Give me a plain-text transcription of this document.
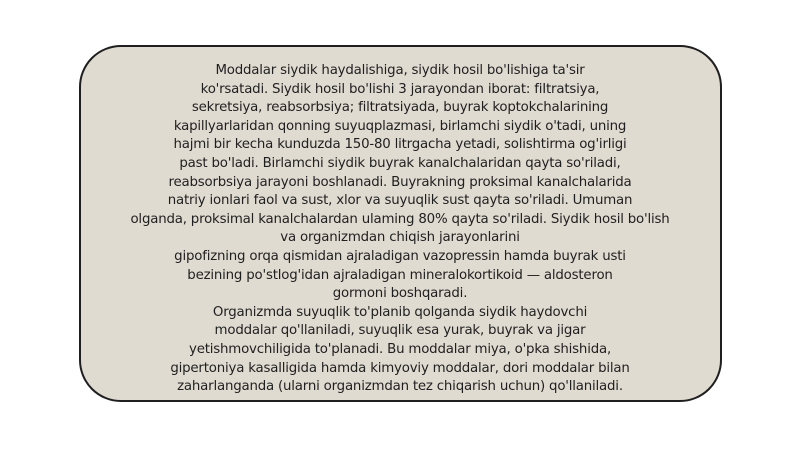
Moddalar siydik haydalishiga, siydik hosil bo'lishiga ta'sir
ko'rsatadi. Siydik hosil bo'lishi 3 jarayondan iborat: fiItratsiya,
sekretsiya, reabsorbsiya; filtratsiyada, buyrak koptokchalarining
kapillyarlaridan qonning suyuqplazmasi, birlamchi siydik o'tadi, uning
hajmi bir kecha kunduzda 150-80 litrgacha yetadi, solishtirma og'irligi
past bo'ladi. Birlamchi siydik buyrak kanalchalaridan qayta so'riladi,
reabsorbsiya jarayoni boshlanadi. Buyrakning proksimal kanalchalarida
natriy ionlari faol va sust, xlor va suyuqlik sust qayta so'riladi. Umuman
olganda, proksimal kanalchalardan ulaming 80% qayta so'riladi. Siydik hosil bo'lish
va organizmdan chiqish jarayonlarini
gipofizning orqa qismidan ajraladigan vazopressin hamda buyrak usti
bezining po'stlog'idan ajraladigan mineralokortikoid — aldosteron
gormoni boshqaradi.
Organizmda suyuqlik to'planib qolganda siydik haydovchi
moddalar qo'llaniladi, suyuqlik esa yurak, buyrak va jigar
yetishmovchiligida to'planadi. Bu moddalar miya, o'pka shishida,
gipertoniya kasalligida hamda kimyoviy moddalar, dori moddalar bilan
zaharlanganda (ularni organizmdan tez chiqarish uchun) qo'llaniladi.
